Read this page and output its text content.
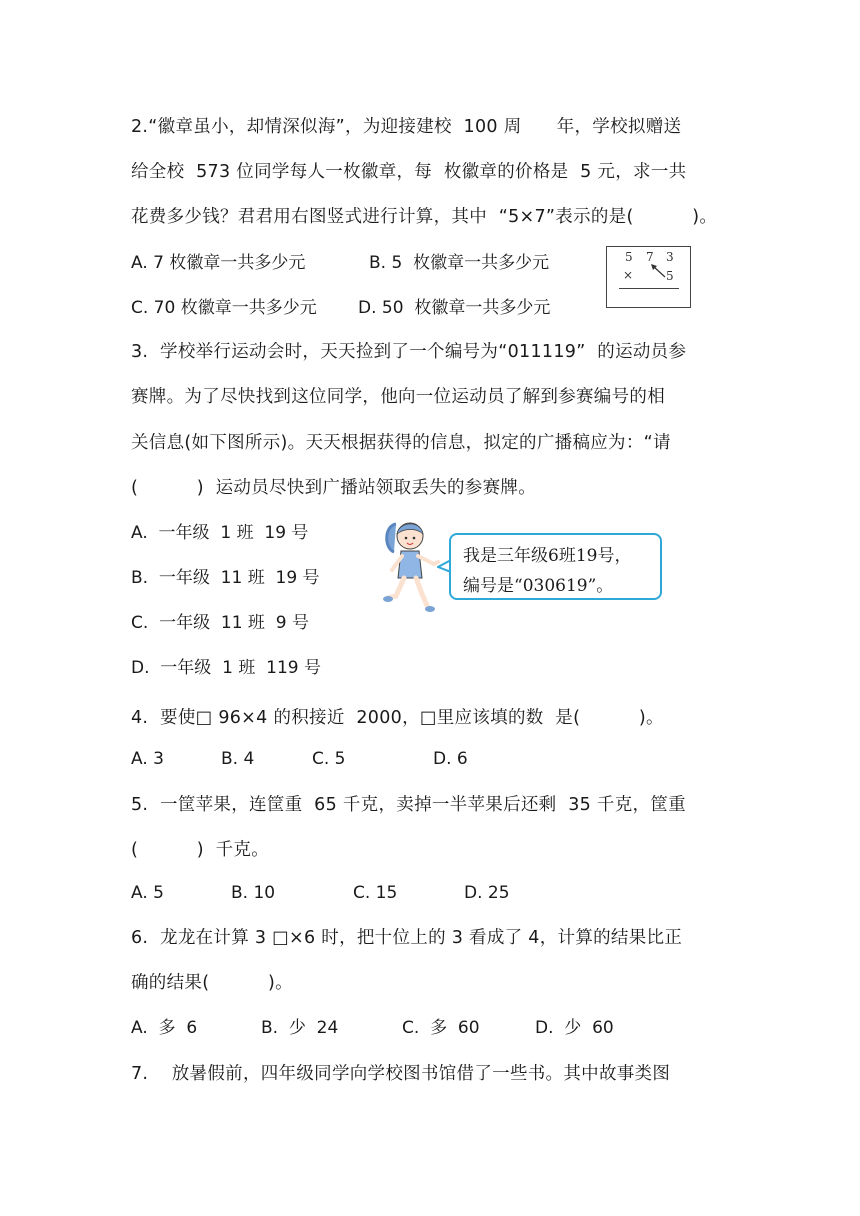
2.“徽章虽小，却情深似海”，为迎接建校  100 周      年，学校拟赠送
给全校  573 位同学每人一枚徽章，每  枚徽章的价格是  5 元，求一共
花费多少钱？君君用右图竖式进行计算，其中  “5×7”表示的是(          )。
A. 7 枚徽章一共多少元	B. 5  枚徽章一共多少元
C. 70 枚徽章一共多少元 D. 50  枚徽章一共多少元
5 7 3
×	5
3.  学校举行运动会时，天天捡到了一个编号为“011119”  的运动员参
赛牌。为了尽快找到这位同学，他向一位运动员了解到参赛编号的相
关信息(如下图所示)。天天根据获得的信息，拟定的广播稿应为：“请
(          )  运动员尽快到广播站领取丢失的参赛牌。
A.  一年级  1 班  19 号
B.  一年级  11 班  19 号
C.  一年级  11 班  9 号
D.  一年级  1 班  119 号
我是三年级6班19号，
编号是“030619”。
4.  要使□ 96×4 的积接近  2000，□里应该填的数  是(          )。
A. 3	B. 4	C. 5	D. 6
5.  一筐苹果，连筐重  65 千克，卖掉一半苹果后还剩  35 千克，筐重
(          )  千克。
A. 5	B. 10	C. 15	D. 25
6.  龙龙在计算 3 □×6 时，把十位上的 3 看成了 4，计算的结果比正
确的结果(          )。
A.  多  6	B.  少  24	C.  多  60	D.  少  60
7.    放暑假前，四年级同学向学校图书馆借了一些书。其中故事类图
